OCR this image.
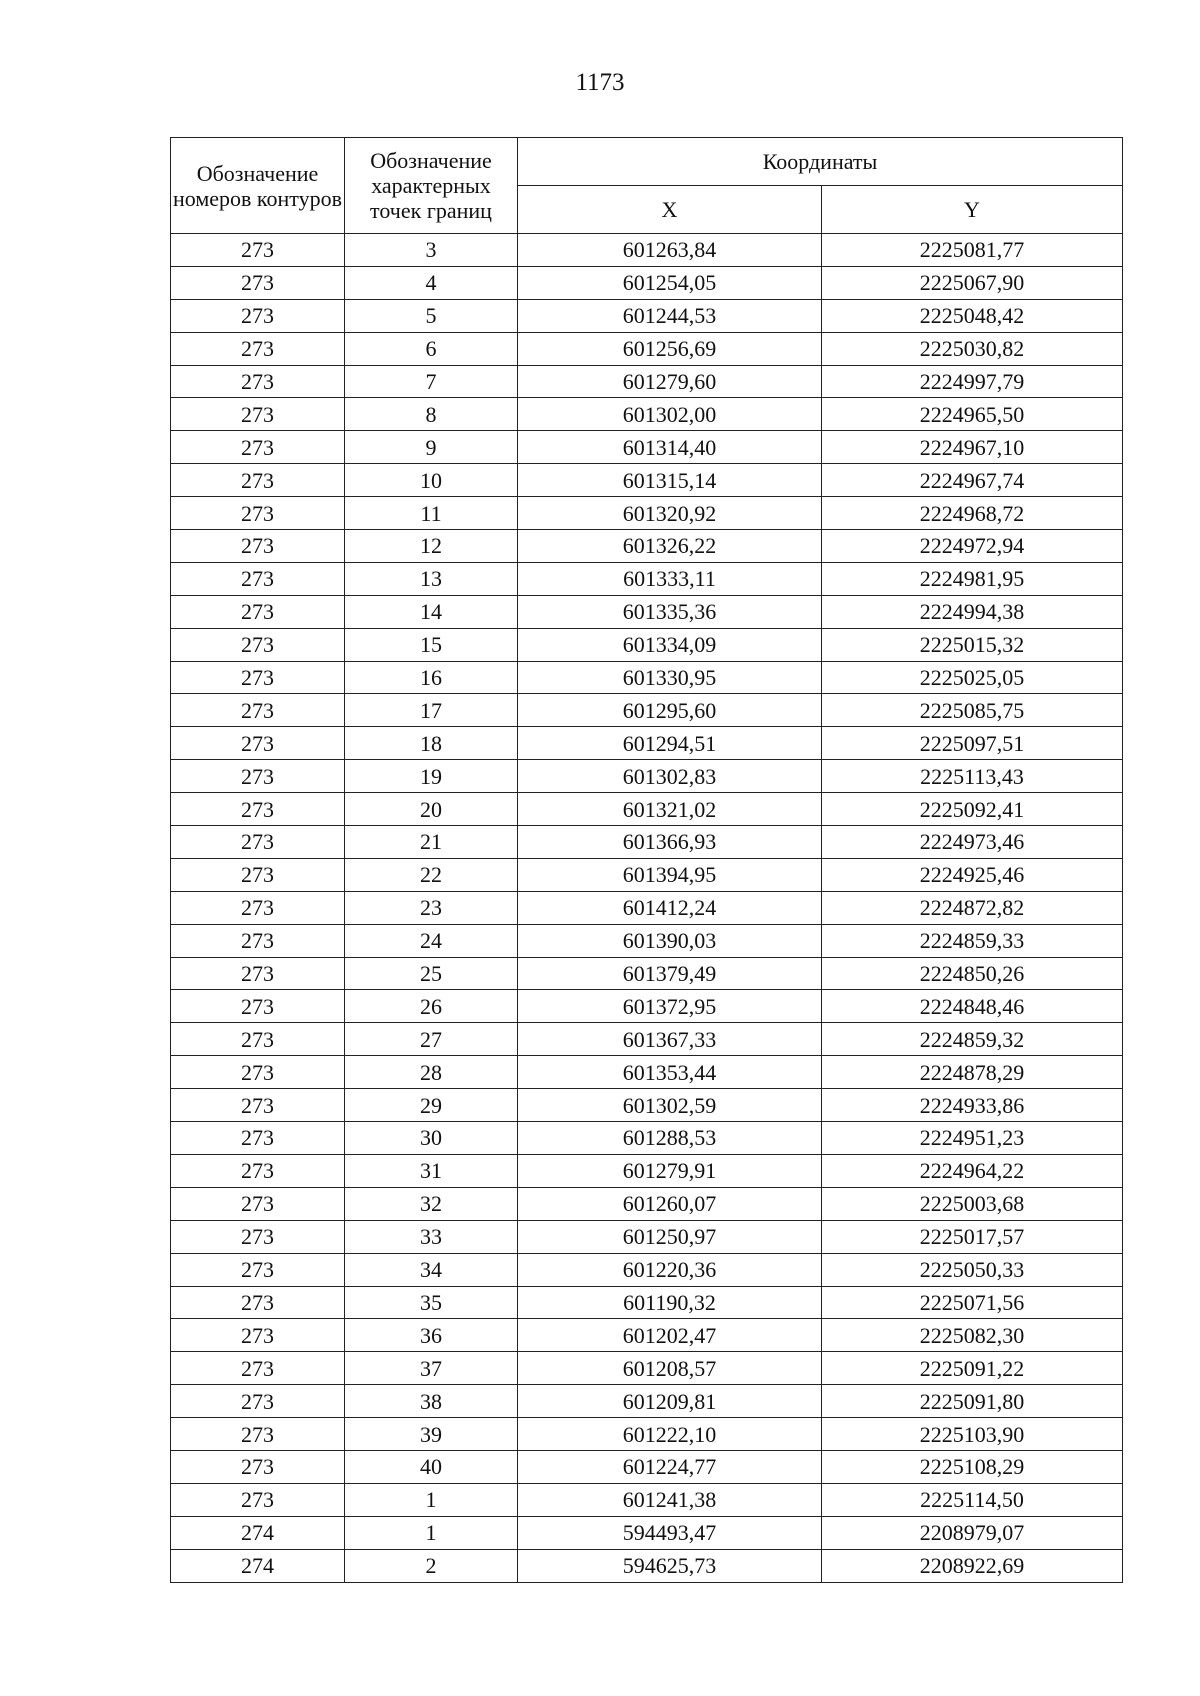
1173
Обозначение номеров контуров	Обозначение характерных точек границ	Координаты	
		X	Y
273	3	601263,84	2225081,77
273	4	601254,05	2225067,90
273	5	601244,53	2225048,42
273	6	601256,69	2225030,82
273	7	601279,60	2224997,79
273	8	601302,00	2224965,50
273	9	601314,40	2224967,10
273	10	601315,14	2224967,74
273	11	601320,92	2224968,72
273	12	601326,22	2224972,94
273	13	601333,11	2224981,95
273	14	601335,36	2224994,38
273	15	601334,09	2225015,32
273	16	601330,95	2225025,05
273	17	601295,60	2225085,75
273	18	601294,51	2225097,51
273	19	601302,83	2225113,43
273	20	601321,02	2225092,41
273	21	601366,93	2224973,46
273	22	601394,95	2224925,46
273	23	601412,24	2224872,82
273	24	601390,03	2224859,33
273	25	601379,49	2224850,26
273	26	601372,95	2224848,46
273	27	601367,33	2224859,32
273	28	601353,44	2224878,29
273	29	601302,59	2224933,86
273	30	601288,53	2224951,23
273	31	601279,91	2224964,22
273	32	601260,07	2225003,68
273	33	601250,97	2225017,57
273	34	601220,36	2225050,33
273	35	601190,32	2225071,56
273	36	601202,47	2225082,30
273	37	601208,57	2225091,22
273	38	601209,81	2225091,80
273	39	601222,10	2225103,90
273	40	601224,77	2225108,29
273	1	601241,38	2225114,50
274	1	594493,47	2208979,07
274	2	594625,73	2208922,69
